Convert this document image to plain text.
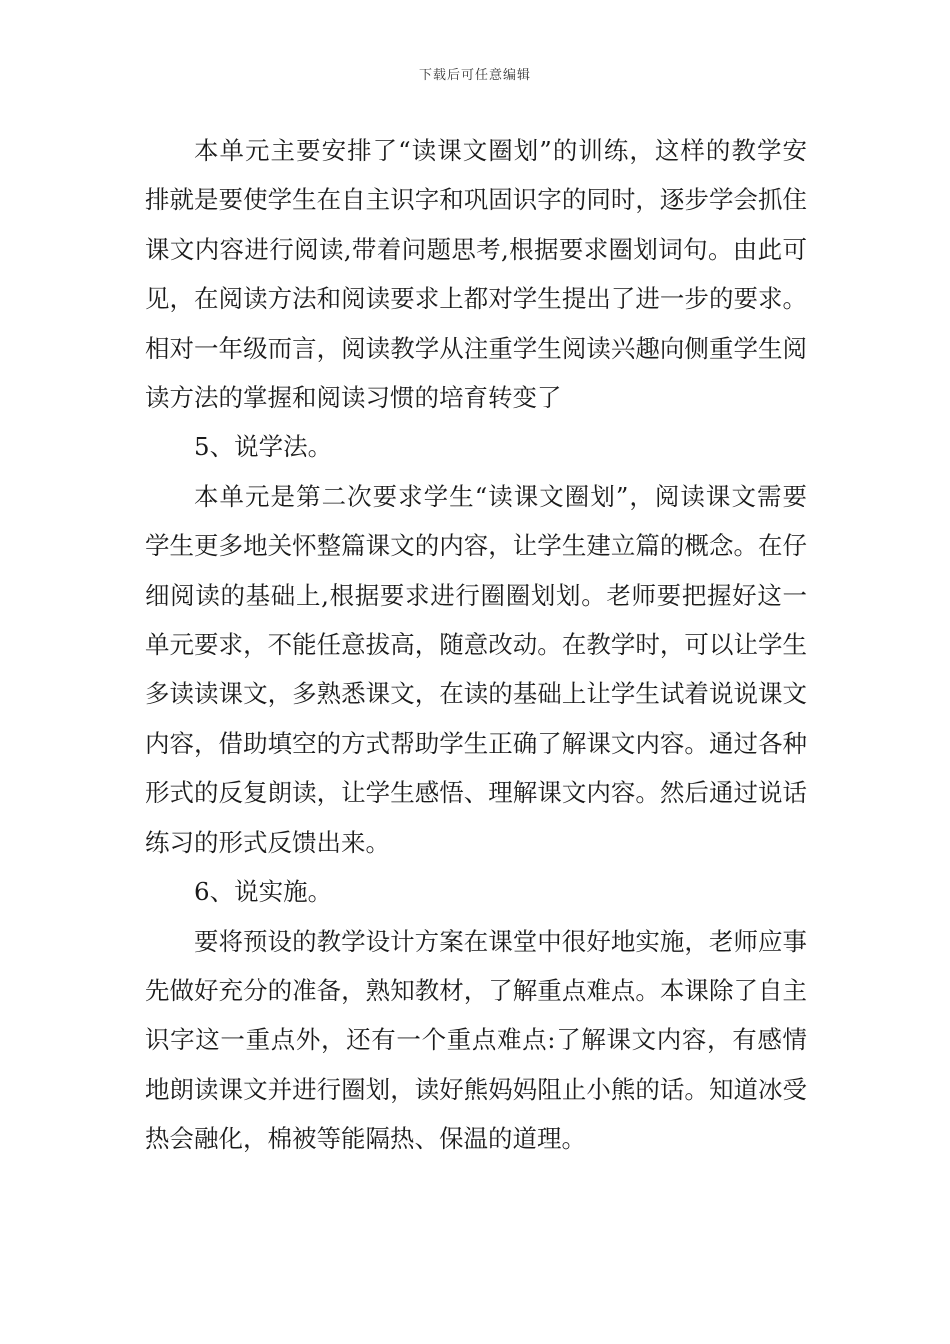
下载后可任意编辑

本单元主要安排了“读课文圈划”的训练，这样的教学安排就是要使学生在自主识字和巩固识字的同时，逐步学会抓住课文内容进行阅读,带着问题思考,根据要求圈划词句。由此可见，在阅读方法和阅读要求上都对学生提出了进一步的要求。相对一年级而言，阅读教学从注重学生阅读兴趣向侧重学生阅读方法的掌握和阅读习惯的培育转变了

5、说学法。

本单元是第二次要求学生“读课文圈划”，阅读课文需要学生更多地关怀整篇课文的内容，让学生建立篇的概念。在仔细阅读的基础上,根据要求进行圈圈划划。老师要把握好这一单元要求，不能任意拔高，随意改动。在教学时，可以让学生多读读课文，多熟悉课文，在读的基础上让学生试着说说课文内容，借助填空的方式帮助学生正确了解课文内容。通过各种形式的反复朗读，让学生感悟、理解课文内容。然后通过说话练习的形式反馈出来。

6、说实施。

要将预设的教学设计方案在课堂中很好地实施，老师应事先做好充分的准备，熟知教材，了解重点难点。本课除了自主识字这一重点外，还有一个重点难点:了解课文内容，有感情地朗读课文并进行圈划，读好熊妈妈阻止小熊的话。知道冰受热会融化，棉被等能隔热、保温的道理。
